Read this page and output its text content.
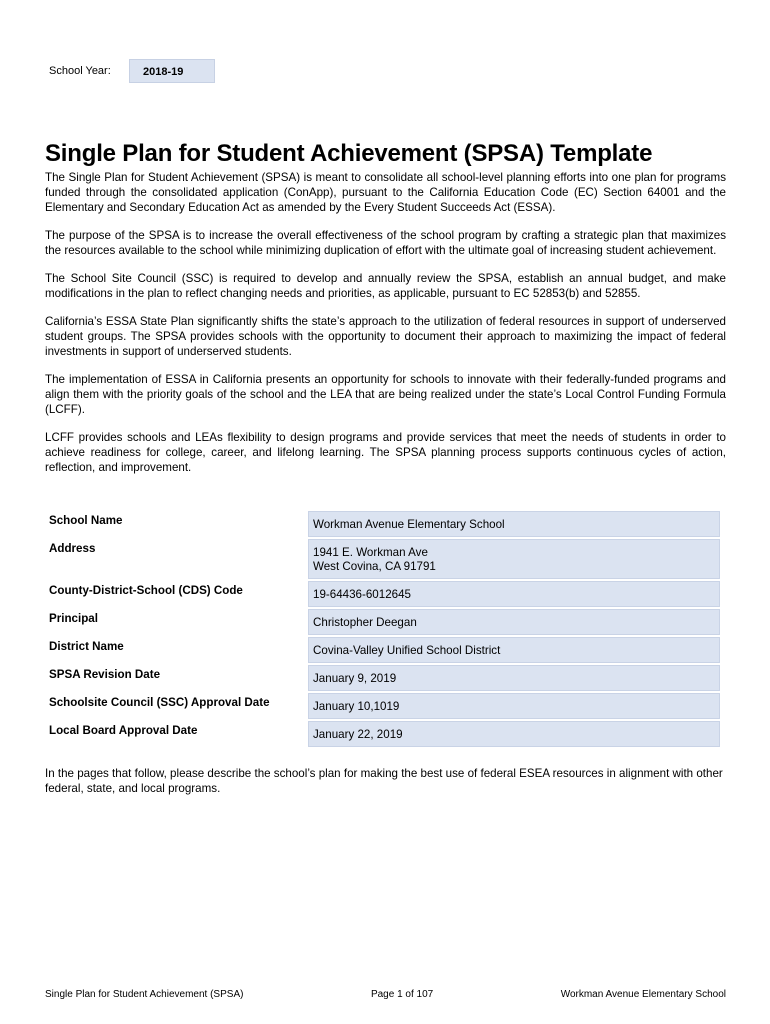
School Year:	2018-19
Single Plan for Student Achievement (SPSA) Template

The Single Plan for Student Achievement (SPSA) is meant to consolidate all school-level planning efforts into one plan for programs funded through the consolidated application (ConApp), pursuant to the California Education Code (EC) Section 64001 and the Elementary and Secondary Education Act as amended by the Every Student Succeeds Act (ESSA).

The purpose of the SPSA is to increase the overall effectiveness of the school program by crafting a strategic plan that maximizes the resources available to the school while minimizing duplication of effort with the ultimate goal of increasing student achievement.

The School Site Council (SSC) is required to develop and annually review the SPSA, establish an annual budget, and make modifications in the plan to reflect changing needs and priorities, as applicable, pursuant to EC 52853(b) and 52855.

California’s ESSA State Plan significantly shifts the state’s approach to the utilization of federal resources in support of underserved student groups. The SPSA provides schools with the opportunity to document their approach to maximizing the impact of federal investments in support of underserved students.

The implementation of ESSA in California presents an opportunity for schools to innovate with their federally-funded programs and align them with the priority goals of the school and the LEA that are being realized under the state’s Local Control Funding Formula (LCFF).

LCFF provides schools and LEAs flexibility to design programs and provide services that meet the needs of students in order to achieve readiness for college, career, and lifelong learning. The SPSA planning process supports continuous cycles of action, reflection, and improvement.

School Name	Workman Avenue Elementary School
Address	1941 E. Workman Ave
West Covina, CA 91791
County-District-School (CDS) Code	19-64436-6012645
Principal	Christopher Deegan
District Name	Covina-Valley Unified School District
SPSA Revision Date	January 9, 2019
Schoolsite Council (SSC) Approval Date	January 10,1019
Local Board Approval Date	January 22, 2019

In the pages that follow, please describe the school’s plan for making the best use of federal ESEA resources in alignment with other federal, state, and local programs.

Single Plan for Student Achievement (SPSA)	Page 1 of 107	Workman Avenue Elementary School
